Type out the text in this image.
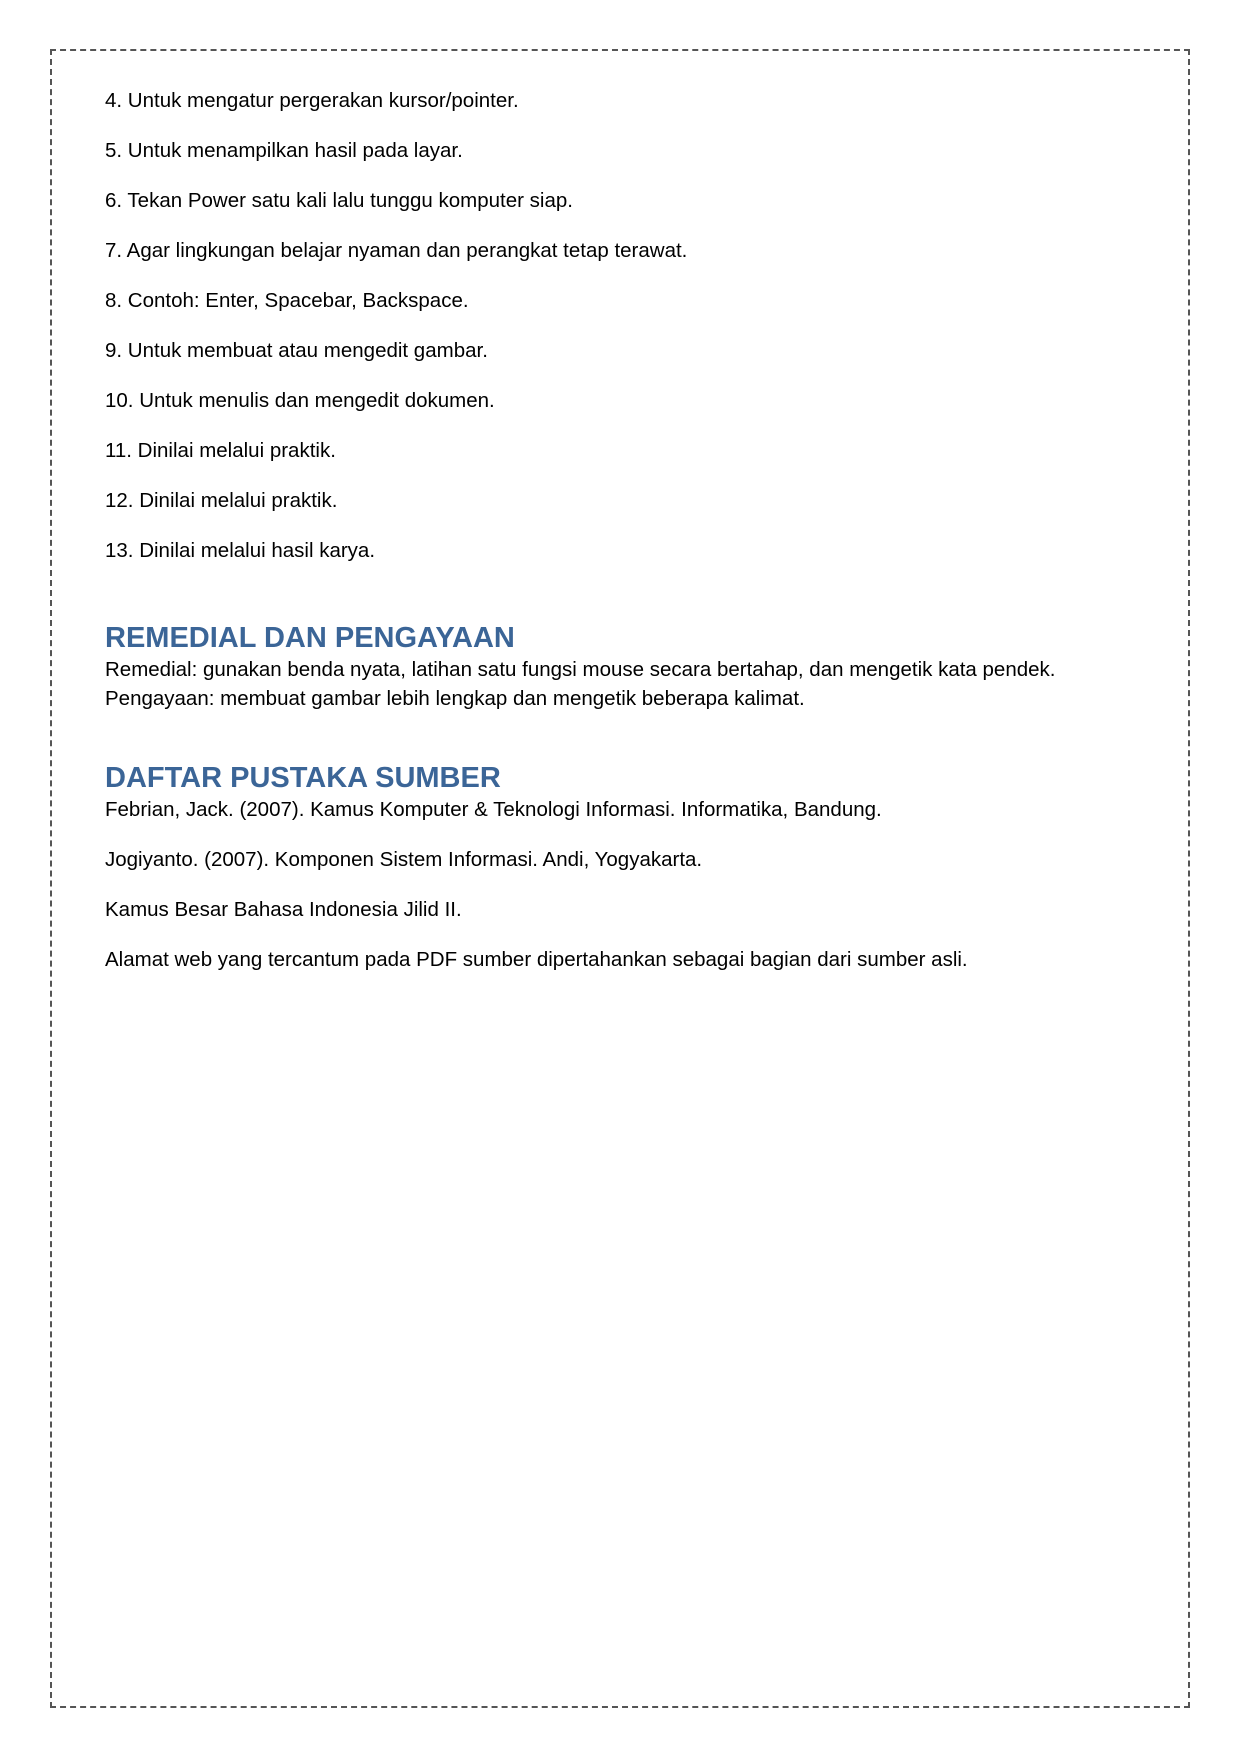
4. Untuk mengatur pergerakan kursor/pointer.
5. Untuk menampilkan hasil pada layar.
6. Tekan Power satu kali lalu tunggu komputer siap.
7. Agar lingkungan belajar nyaman dan perangkat tetap terawat.
8. Contoh: Enter, Spacebar, Backspace.
9. Untuk membuat atau mengedit gambar.
10. Untuk menulis dan mengedit dokumen.
11. Dinilai melalui praktik.
12. Dinilai melalui praktik.
13. Dinilai melalui hasil karya.
REMEDIAL DAN PENGAYAAN

Remedial: gunakan benda nyata, latihan satu fungsi mouse secara bertahap, dan mengetik kata pendek.

Pengayaan: membuat gambar lebih lengkap dan mengetik beberapa kalimat.

DAFTAR PUSTAKA SUMBER
Febrian, Jack. (2007). Kamus Komputer & Teknologi Informasi. Informatika, Bandung.
Jogiyanto. (2007). Komponen Sistem Informasi. Andi, Yogyakarta.
Kamus Besar Bahasa Indonesia Jilid II.
Alamat web yang tercantum pada PDF sumber dipertahankan sebagai bagian dari sumber asli.
